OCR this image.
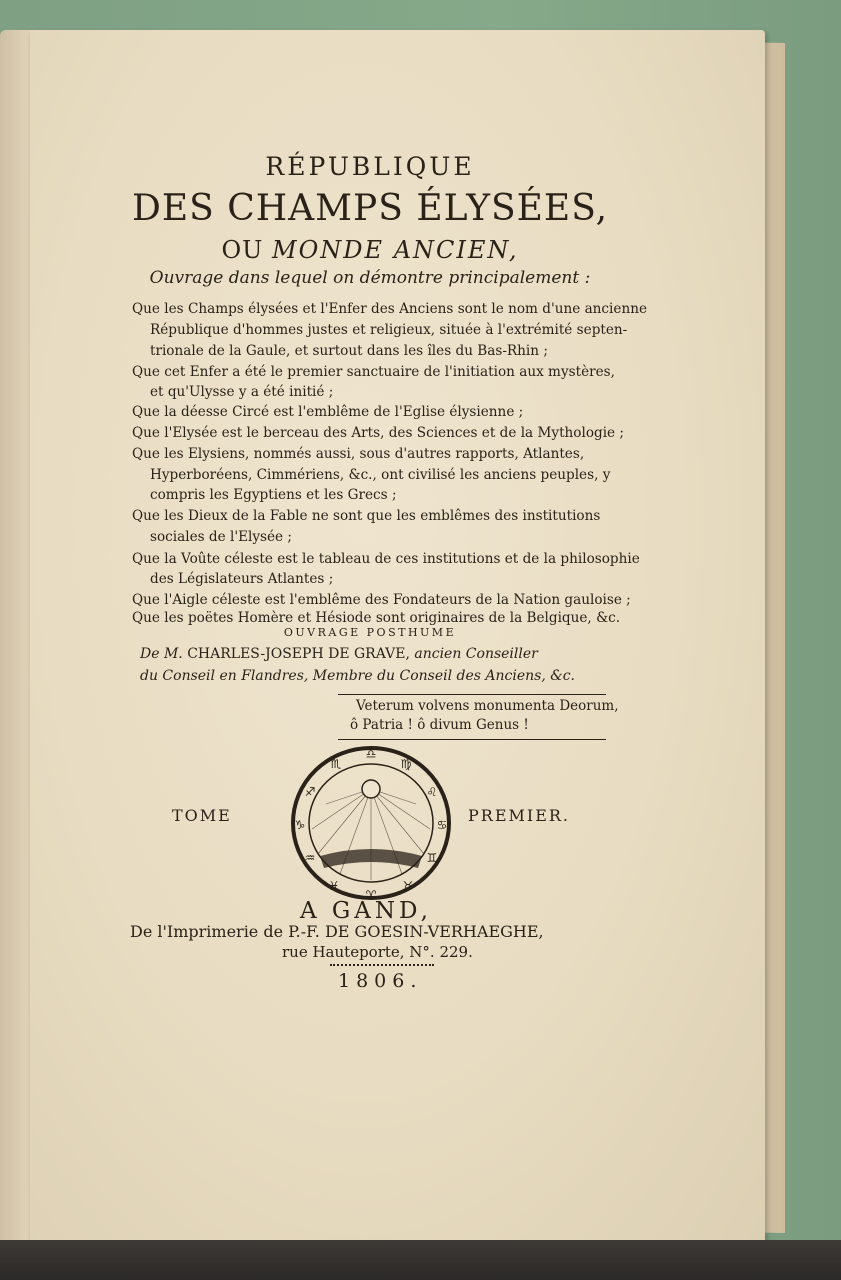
RÉPUBLIQUE
DES CHAMPS ÉLYSÉES,
OU MONDE ANCIEN,
Ouvrage dans lequel on démontre principalement :
Que les Champs élysées et l'Enfer des Anciens sont le nom d'une ancienne
République d'hommes justes et religieux, située à l'extrémité septen-
trionale de la Gaule, et surtout dans les îles du Bas-Rhin ;
Que cet Enfer a été le premier sanctuaire de l'initiation aux mystères,
et qu'Ulysse y a été initié ;
Que la déesse Circé est l'emblême de l'Eglise élysienne ;
Que l'Elysée est le berceau des Arts, des Sciences et de la Mythologie ;
Que les Elysiens, nommés aussi, sous d'autres rapports, Atlantes,
Hyperboréens, Cimmériens, &c., ont civilisé les anciens peuples, y
compris les Egyptiens et les Grecs ;
Que les Dieux de la Fable ne sont que les emblêmes des institutions
sociales de l'Elysée ;
Que la Voûte céleste est le tableau de ces institutions et de la philosophie
des Législateurs Atlantes ;
Que l'Aigle céleste est l'emblême des Fondateurs de la Nation gauloise ;
Que les poëtes Homère et Hésiode sont originaires de la Belgique, &c.
OUVRAGE POSTHUME
De M. CHARLES-JOSEPH DE GRAVE, ancien Conseiller
du Conseil en Flandres, Membre du Conseil des Anciens, &c.
Veterum volvens monumenta Deorum,
ô Patria ! ô divum Genus !
TOME	PREMIER.
♎
♍
♌
♋
♊
♉
♈
♓
♒
♑
♐
♏
A GAND,
De l'Imprimerie de P.-F. DE GOESIN-VERHAEGHE,
rue Hauteporte, N°. 229.
1806.
